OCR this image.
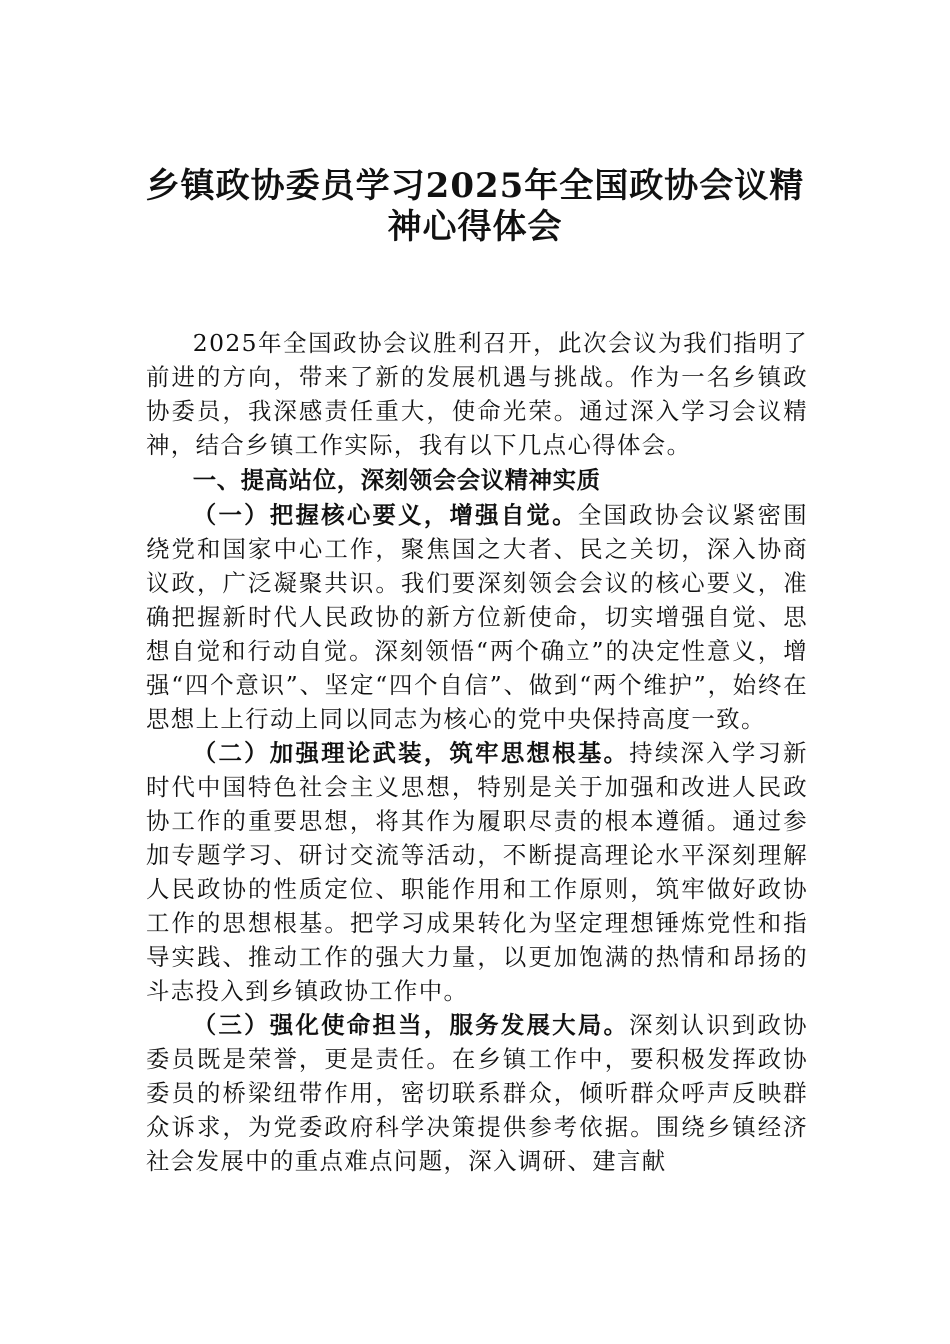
乡镇政协委员学习2025年全国政协会议精
神心得体会

2025年全国政协会议胜利召开，此次会议为我们指明了前进的方向，带来了新的发展机遇与挑战。作为一名乡镇政协委员，我深感责任重大，使命光荣。通过深入学习会议精神，结合乡镇工作实际，我有以下几点心得体会。

一、提高站位，深刻领会会议精神实质

（一）把握核心要义，增强自觉。全国政协会议紧密围绕党和国家中心工作，聚焦国之大者、民之关切，深入协商议政，广泛凝聚共识。我们要深刻领会会议的核心要义，准确把握新时代人民政协的新方位新使命，切实增强自觉、思想自觉和行动自觉。深刻领悟“两个确立”的决定性意义，增强“四个意识”、坚定“四个自信”、做到“两个维护”，始终在思想上上行动上同以同志为核心的党中央保持高度一致。

（二）加强理论武装，筑牢思想根基。持续深入学习新时代中国特色社会主义思想，特别是关于加强和改进人民政协工作的重要思想，将其作为履职尽责的根本遵循。通过参加专题学习、研讨交流等活动，不断提高理论水平深刻理解人民政协的性质定位、职能作用和工作原则，筑牢做好政协工作的思想根基。把学习成果转化为坚定理想锤炼党性和指导实践、推动工作的强大力量，以更加饱满的热情和昂扬的斗志投入到乡镇政协工作中。

（三）强化使命担当，服务发展大局。深刻认识到政协委员既是荣誉，更是责任。在乡镇工作中，要积极发挥政协委员的桥梁纽带作用，密切联系群众，倾听群众呼声反映群众诉求，为党委政府科学决策提供参考依据。围绕乡镇经济社会发展中的重点难点问题，深入调研、建言献
